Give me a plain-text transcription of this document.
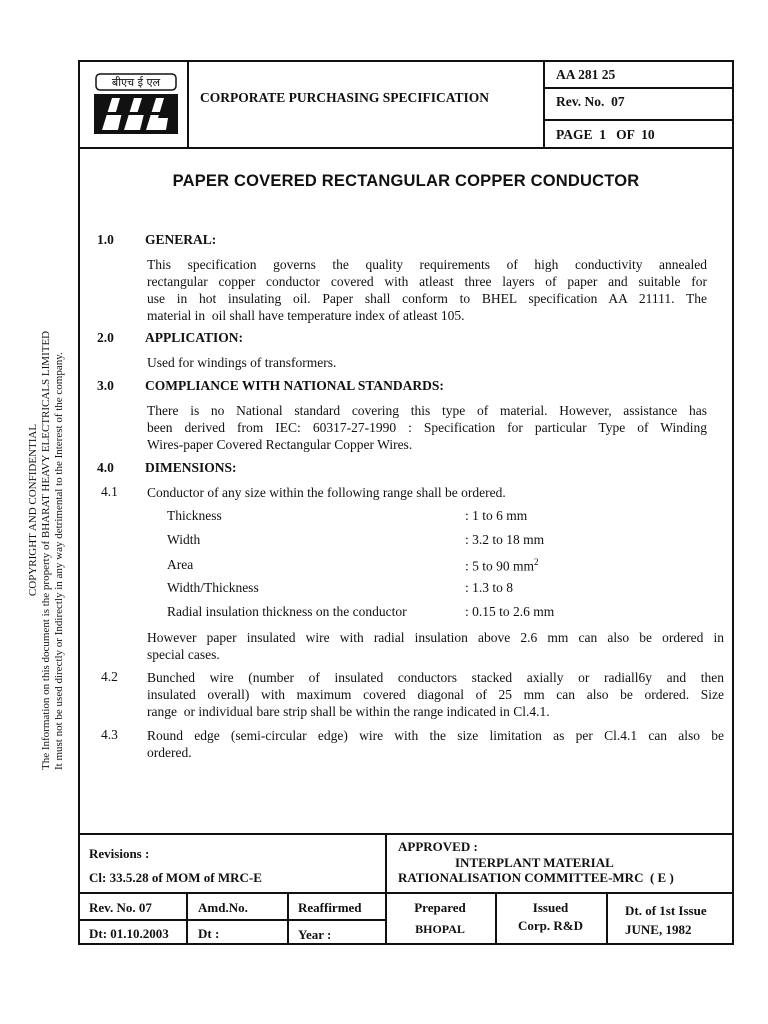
बीएच ई एल
CORPORATE PURCHASING SPECIFICATION
AA 281 25
Rev. No.  07
PAGE  1   OF  10
COPYRIGHT AND CONFIDENTIAL The Information on this document is the property of BHARAT HEAVY ELECTRICALS LIMITED It must not be used directly or Indirectly in any way detrimental to the Interest of the company.
PAPER COVERED RECTANGULAR COPPER CONDUCTOR
1.0 GENERAL:
This specification governs the quality requirements of high conductivity annealed
rectangular copper conductor covered with atleast three layers of paper and suitable for
use in hot insulating oil. Paper shall conform to BHEL specification AA 21111. The
material in  oil shall have temperature index of atleast 105.
2.0 APPLICATION:
Used for windings of transformers.
3.0 COMPLIANCE WITH NATIONAL STANDARDS:
There is no National standard covering this type of material. However, assistance has
been derived from IEC: 60317-27-1990 : Specification for particular Type of Winding
Wires-paper Covered Rectangular Copper Wires.
4.0 DIMENSIONS:
4.1 Conductor of any size within the following range shall be ordered.
Thickness	: 1 to 6 mm
Width	: 3.2 to 18 mm
Area	: 5 to 90 $mm^2$
Width/Thickness	: 1.3 to 8
Radial insulation thickness on the conductor	: 0.15 to 2.6 mm
However paper insulated wire with radial insulation above 2.6 mm can also be ordered in
special cases.
4.2 Bunched wire (number of insulated conductors stacked axially or radiall6y and then
insulated overall) with maximum covered diagonal of 25 mm can also be ordered. Size
range  or individual bare strip shall be within the range indicated in Cl.4.1.
4.3 Round edge (semi-circular edge) wire with the size limitation as per Cl.4.1 can also be
ordered.
Revisions :
Cl: 33.5.28 of MOM of MRC-E
APPROVED :
INTERPLANT MATERIAL
RATIONALISATION COMMITTEE-MRC  ( E )
Rev. No. 07
Dt: 01.10.2003
Amd.No.
Dt :
Reaffirmed
Year :
Prepared
BHOPAL
Issued
Corp. R&D
Dt. of 1st Issue
JUNE, 1982
